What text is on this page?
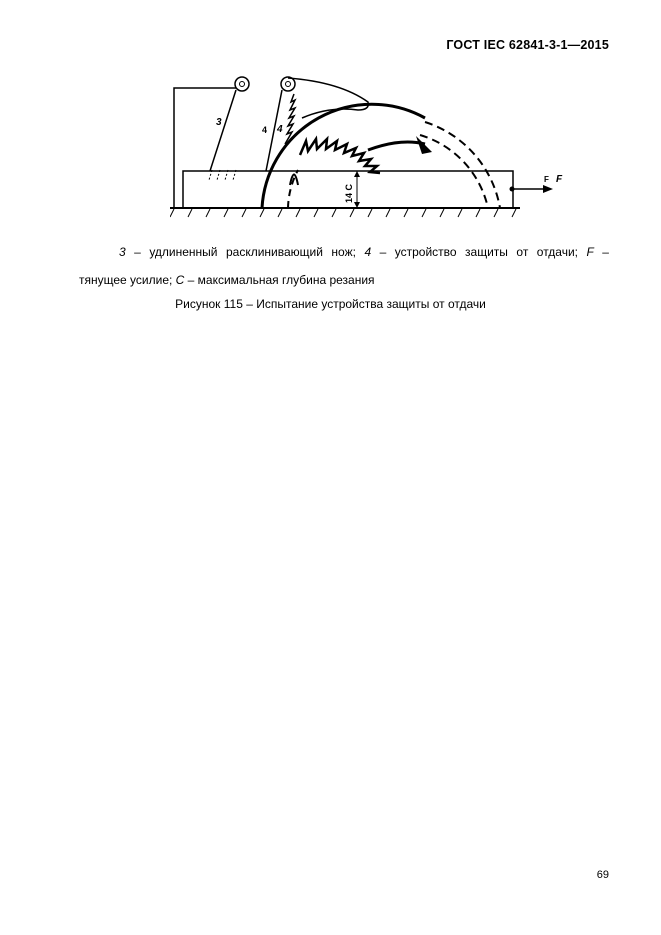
ГОСТ IEC 62841-3-1—2015
14 C
F F
3
4 4
3 – удлиненный расклинивающий нож; 4 – устройство защиты от отдачи; F –
тянущее усилие; C – максимальная глубина резания
Рисунок 115 – Испытание устройства защиты от отдачи
69
